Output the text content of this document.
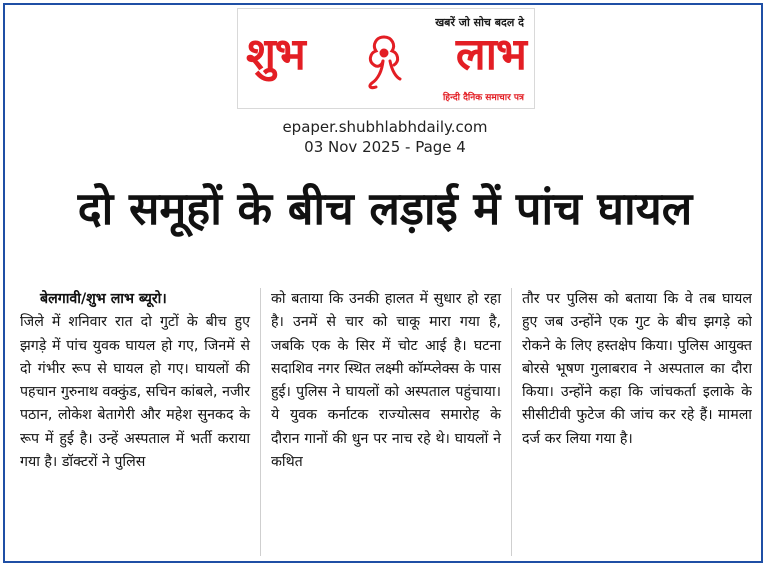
खबरें जो सोच बदल दे
शुभ	लाभ
हिन्दी दैनिक समाचार पत्र
epaper.shubhlabhdaily.com
03 Nov 2025 - Page 4
दो समूहों के बीच लड़ाई में पांच घायल
बेलगावी/शुभ लाभ ब्यूरो।
जिले में शनिवार रात दो गुटों के बीच हुए झगड़े में पांच युवक घायल हो गए, जिनमें से दो गंभीर रूप से घायल हो गए। घायलों की पहचान गुरुनाथ वक्कुंड, सचिन कांबले, नजीर पठान, लोकेश बेतागेरी और महेश सुनकद के रूप में हुई है। उन्हें अस्पताल में भर्ती कराया गया है। डॉक्टरों ने पुलिस
को बताया कि उनकी हालत में सुधार हो रहा है। उनमें से चार को चाकू मारा गया है, जबकि एक के सिर में चोट आई है। घटना सदाशिव नगर स्थित लक्ष्मी कॉम्प्लेक्स के पास हुई। पुलिस ने घायलों को अस्पताल पहुंचाया। ये युवक कर्नाटक राज्योत्सव समारोह के दौरान गानों की धुन पर नाच रहे थे। घायलों ने कथित
तौर पर पुलिस को बताया कि वे तब घायल हुए जब उन्होंने एक गुट के बीच झगड़े को रोकने के लिए हस्तक्षेप किया। पुलिस आयुक्त बोरसे भूषण गुलाबराव ने अस्पताल का दौरा किया। उन्होंने कहा कि जांचकर्ता इलाके के सीसीटीवी फुटेज की जांच कर रहे हैं। मामला दर्ज कर लिया गया है।
